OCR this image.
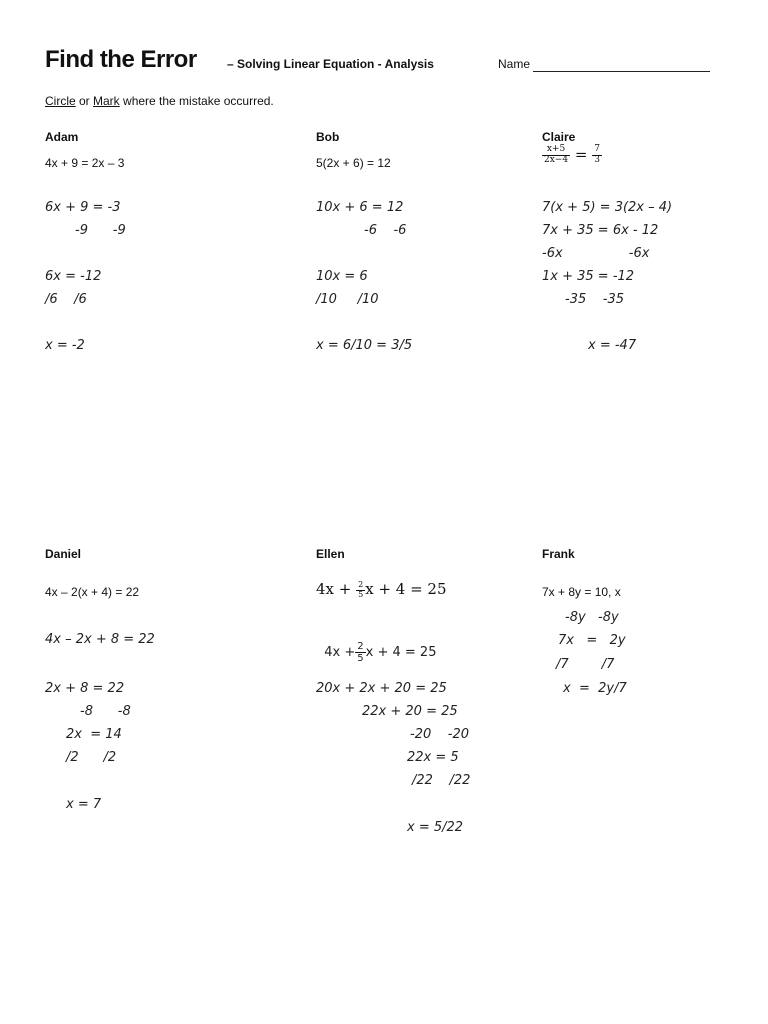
Find the Error	– Solving Linear Equation - Analysis	Name
Circle or Mark where the mistake occurred.
Adam
4x + 9 = 2x – 3
6x + 9 = -3
-9      -9
6x = -12
/6    /6
x = -2
Bob
5(2x + 6) = 12
10x + 6 = 12
-6    -6
10x = 6
/10     /10
x = 6/10 = 3/5
Claire
$\frac{x+5}{2x-4} = \frac{7}{3}$
7(x + 5) = 3(2x – 4)
7x + 35 = 6x - 12
-6x                -6x
1x + 35 = -12
-35    -35
x = -47
Daniel
4x – 2(x + 4) = 22
4x – 2x + 8 = 22
2x + 8 = 22
-8      -8
2x  = 14
/2      /2
x = 7
Ellen
$4x + \frac{2}{5}$ x + 4 = 25

$4x + \frac{2}{5}$ x + 4 = 25

20x + 2x + 20 = 25
22x + 20 = 25
-20    -20
22x = 5
/22    /22
x = 5/22
Frank
7x + 8y = 10, x
-8y   -8y
7x   =   2y
/7        /7
x  =  2y/7
